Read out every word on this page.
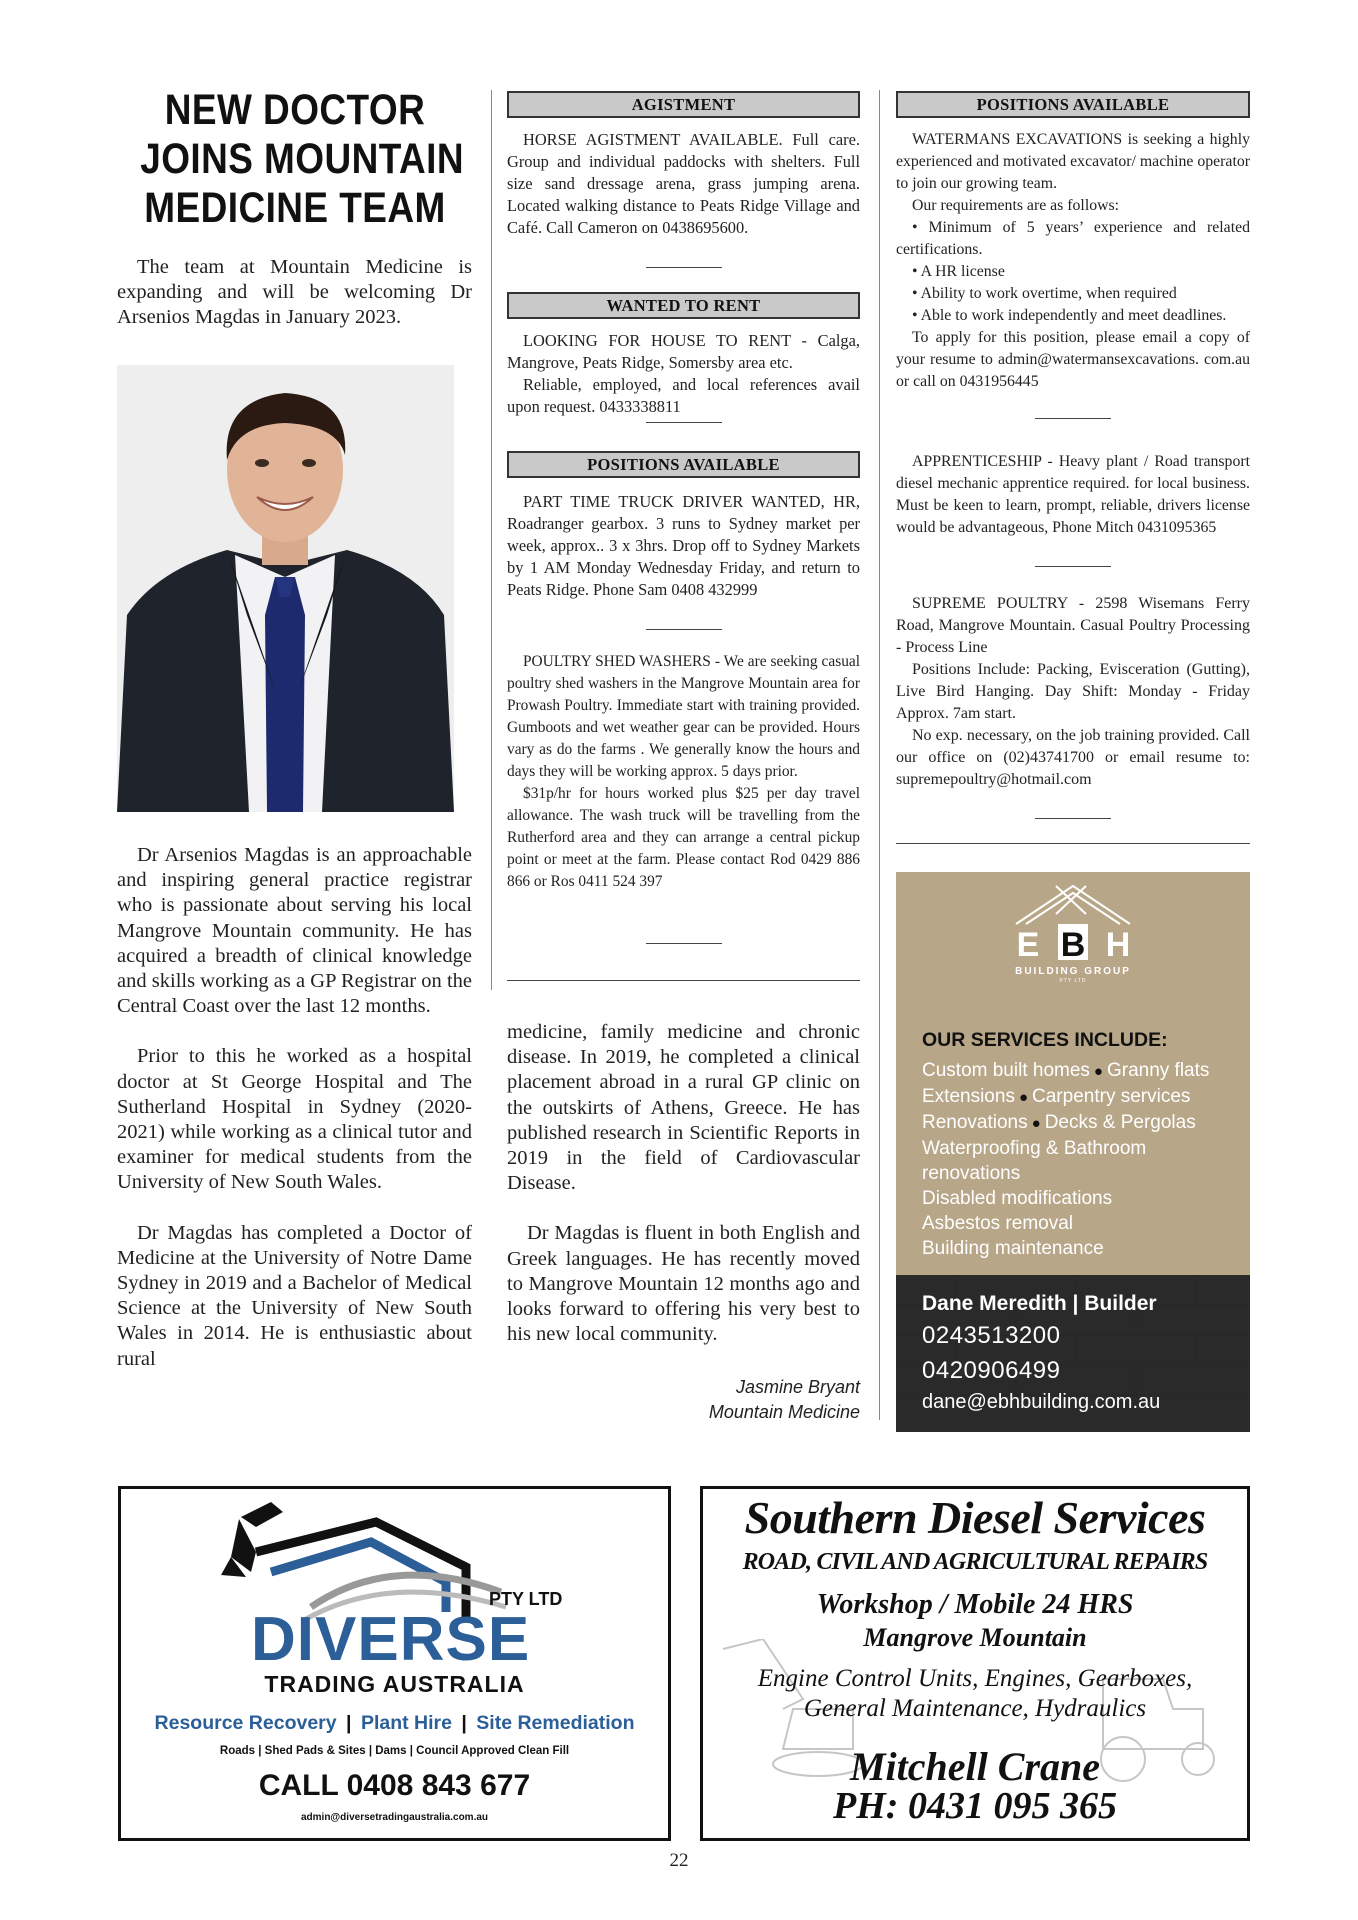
NEW DOCTOR
JOINS MOUNTAIN
MEDICINE TEAM

The team at Mountain Medicine is expanding and will be welcoming Dr Arsenios Magdas in January 2023.

Dr Arsenios Magdas is an approachable and inspiring general practice registrar who is passionate about serving his local Mangrove Mountain community. He has acquired a breadth of clinical knowledge and skills working as a GP Registrar on the Central Coast over the last 12 months.

Prior to this he worked as a hospital doctor at St George Hospital and The Sutherland Hospital in Sydney (2020-2021) while working as a clinical tutor and examiner for medical students from the University of New South Wales.

Dr Magdas has completed a Doctor of Medicine at the University of Notre Dame Sydney in 2019 and a Bachelor of Medical Science at the University of New South Wales in 2014. He is enthusiastic about rural

medicine, family medicine and chronic disease. In 2019, he completed a clinical placement abroad in a rural GP clinic on the outskirts of Athens, Greece. He has published research in Scientific Reports in 2019 in the field of Cardiovascular Disease.

Dr Magdas is fluent in both English and Greek languages. He has recently moved to Mangrove Mountain 12 months ago and looks forward to offering his very best to his new local community.

Jasmine Bryant
Mountain Medicine
AGISTMENT

HORSE AGISTMENT AVAILABLE. Full care. Group and individual paddocks with shelters. Full size sand dressage arena, grass jumping arena. Located walking distance to Peats Ridge Village and Café. Call Cameron on 0438695600.

WANTED TO RENT

LOOKING FOR HOUSE TO RENT - Calga, Mangrove, Peats Ridge, Somersby area etc.

Reliable, employed, and local references avail upon request. 0433338811

POSITIONS AVAILABLE

PART TIME TRUCK DRIVER WANTED, HR, Roadranger gearbox. 3 runs to Sydney market per week, approx.. 3 x 3hrs. Drop off to Sydney Markets by 1 AM Monday Wednesday Friday, and return to Peats Ridge. Phone Sam 0408 432999

POULTRY SHED WASHERS - We are seeking casual poultry shed washers in the Mangrove Mountain area for Prowash Poultry. Immediate start with training provided. Gumboots and wet weather gear can be provided. Hours vary as do the farms . We generally know the hours and days they will be working approx. 5 days prior.

$31p/hr for hours worked plus $25 per day travel allowance. The wash truck will be travelling from the Rutherford area and they can arrange a central pickup point or meet at the farm. Please contact Rod 0429 886 866 or Ros 0411 524 397

POSITIONS AVAILABLE

WATERMANS EXCAVATIONS is seeking a highly experienced and motivated excavator/ machine operator to join our growing team.

Our requirements are as follows:

• Minimum of 5 years’ experience and related certifications.

• A HR license

• Ability to work overtime, when required

• Able to work independently and meet deadlines.

To apply for this position, please email a copy of your resume to admin@watermansexcavations. com.au or call on 0431956445

APPRENTICESHIP - Heavy plant / Road transport diesel mechanic apprentice required. for local business. Must be keen to learn, prompt, reliable, drivers license would be advantageous, Phone Mitch 0431095365

SUPREME POULTRY - 2598 Wisemans Ferry Road, Mangrove Mountain. Casual Poultry Processing - Process Line

Positions Include: Packing, Evisceration (Gutting), Live Bird Hanging. Day Shift: Monday - Friday Approx. 7am start.

No exp. necessary, on the job training provided. Call our office on (02)43741700 or email resume to: supremepoultry@hotmail.com

E B H
BUILDING GROUP
PTY LTD
OUR SERVICES INCLUDE:
Custom built homes ● Granny flats
Extensions ● Carpentry services
Renovations ● Decks & Pergolas
Waterproofing & Bathroom
renovations
Disabled modifications
Asbestos removal
Building maintenance
Dane Meredith | Builder
0243513200
0420906499
dane@ebhbuilding.com.au
PTY LTD
DIVERSE
TRADING AUSTRALIA
Resource Recovery | Plant Hire | Site Remediation
Roads | Shed Pads & Sites | Dams | Council Approved Clean Fill
CALL 0408 843 677
admin@diversetradingaustralia.com.au
Southern Diesel Services
ROAD, CIVIL AND AGRICULTURAL REPAIRS
Workshop / Mobile 24 HRS
Mangrove Mountain
Engine Control Units, Engines, Gearboxes,
General Maintenance, Hydraulics
Mitchell Crane
PH: 0431 095 365
22
